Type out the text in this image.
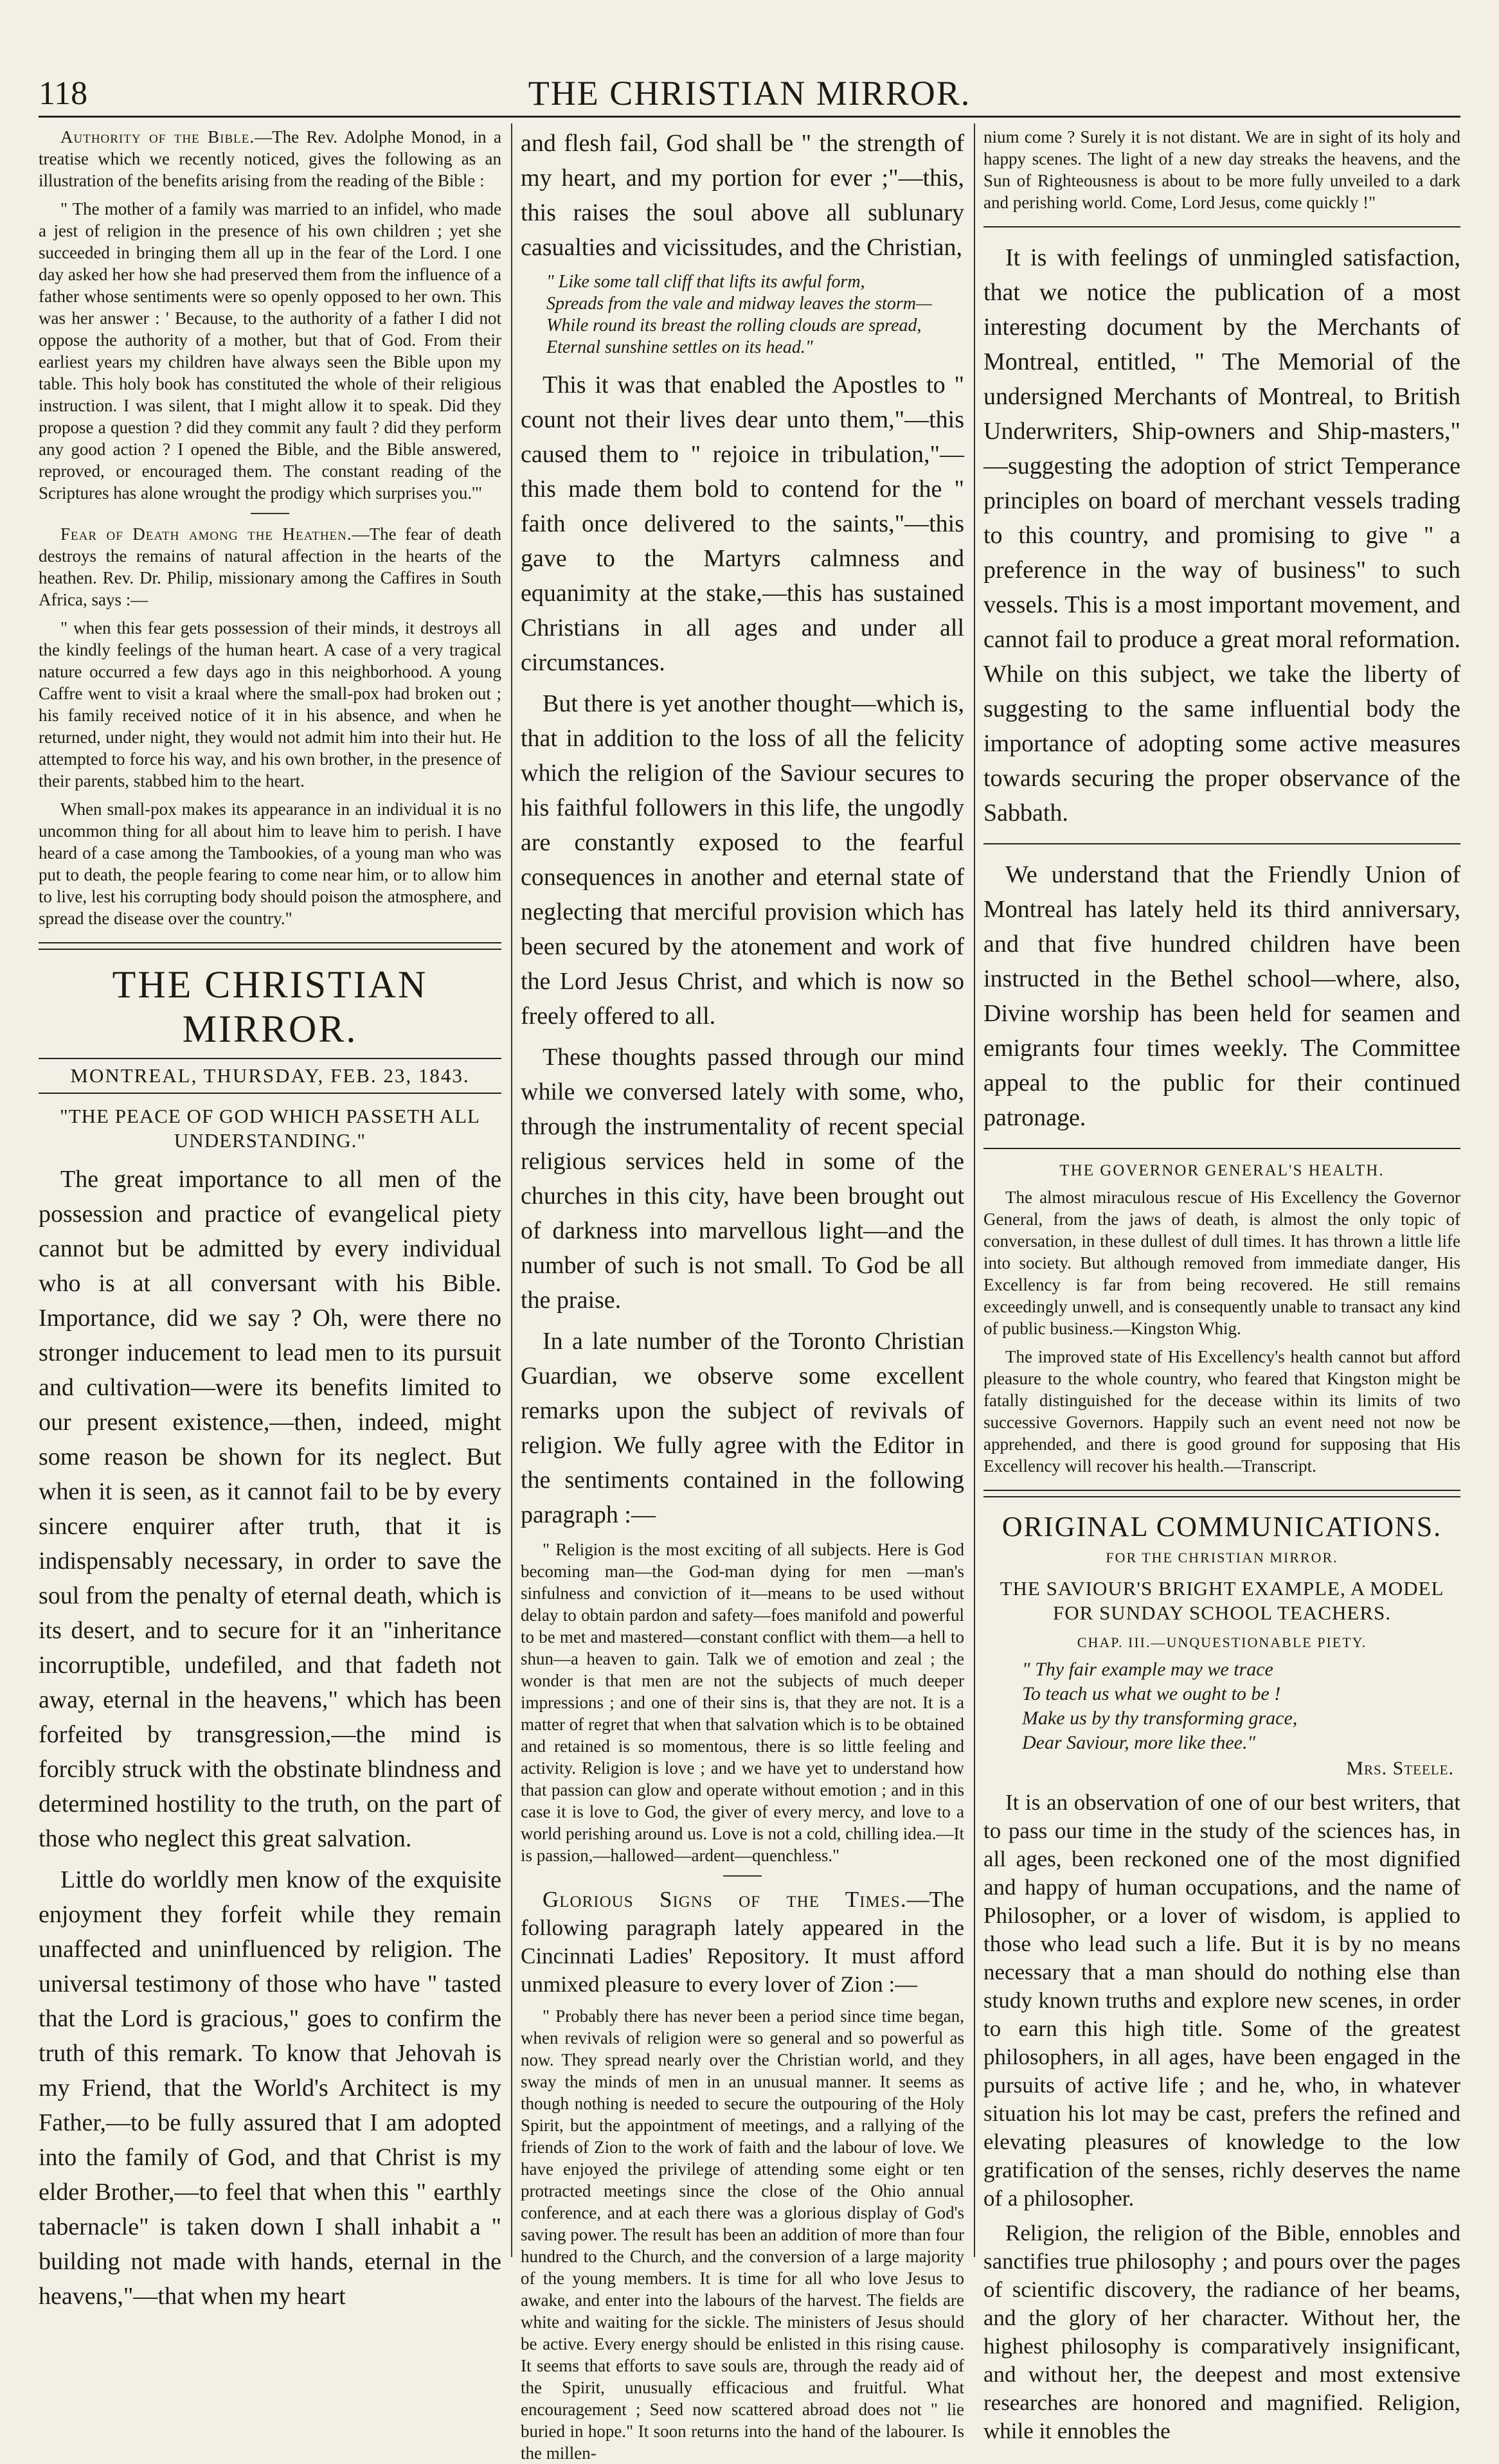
118	THE CHRISTIAN MIRROR.

Authority of the Bible.—The Rev. Adolphe Monod, in a treatise which we recently noticed, gives the following as an illustration of the benefits arising from the reading of the Bible :

" The mother of a family was married to an infidel, who made a jest of religion in the presence of his own children ; yet she succeeded in bringing them all up in the fear of the Lord. I one day asked her how she had preserved them from the influence of a father whose sentiments were so openly opposed to her own. This was her answer : ' Because, to the authority of a father I did not oppose the authority of a mother, but that of God. From their earliest years my children have always seen the Bible upon my table. This holy book has constituted the whole of their religious instruction. I was silent, that I might allow it to speak. Did they propose a question ? did they commit any fault ? did they perform any good action ? I opened the Bible, and the Bible answered, reproved, or encouraged them. The constant reading of the Scriptures has alone wrought the prodigy which surprises you.'"

Fear of Death among the Heathen.—The fear of death destroys the remains of natural affection in the hearts of the heathen. Rev. Dr. Philip, missionary among the Caffires in South Africa, says :—

" when this fear gets possession of their minds, it destroys all the kindly feelings of the human heart. A case of a very tragical nature occurred a few days ago in this neighborhood. A young Caffre went to visit a kraal where the small-pox had broken out ; his family received notice of it in his absence, and when he returned, under night, they would not admit him into their hut. He attempted to force his way, and his own brother, in the presence of their parents, stabbed him to the heart.

When small-pox makes its appearance in an individual it is no uncommon thing for all about him to leave him to perish. I have heard of a case among the Tambookies, of a young man who was put to death, the people fearing to come near him, or to allow him to live, lest his corrupting body should poison the atmosphere, and spread the disease over the country."

THE CHRISTIAN MIRROR.
MONTREAL, THURSDAY, FEB. 23, 1843.
"THE PEACE OF GOD WHICH PASSETH ALL UNDERSTANDING."

The great importance to all men of the possession and practice of evangelical piety cannot but be admitted by every individual who is at all conversant with his Bible. Importance, did we say ? Oh, were there no stronger inducement to lead men to its pursuit and cultivation—were its benefits limited to our present existence,—then, indeed, might some reason be shown for its neglect. But when it is seen, as it cannot fail to be by every sincere enquirer after truth, that it is indispensably necessary, in order to save the soul from the penalty of eternal death, which is its desert, and to secure for it an "inheritance incorruptible, undefiled, and that fadeth not away, eternal in the heavens," which has been forfeited by transgression,—the mind is forcibly struck with the obstinate blindness and determined hostility to the truth, on the part of those who neglect this great salvation.

Little do worldly men know of the exquisite enjoyment they forfeit while they remain unaffected and uninfluenced by religion. The universal testimony of those who have " tasted that the Lord is gracious," goes to confirm the truth of this remark. To know that Jehovah is my Friend, that the World's Architect is my Father,—to be fully assured that I am adopted into the family of God, and that Christ is my elder Brother,—to feel that when this " earthly tabernacle" is taken down I shall inhabit a " building not made with hands, eternal in the heavens,"—that when my heart

and flesh fail, God shall be " the strength of my heart, and my portion for ever ;"—this, this raises the soul above all sublunary casualties and vicissitudes, and the Christian,

" Like some tall cliff that lifts its awful form,
Spreads from the vale and midway leaves the storm—
While round its breast the rolling clouds are spread,
Eternal sunshine settles on its head."

This it was that enabled the Apostles to " count not their lives dear unto them,"—this caused them to " rejoice in tribulation,"—this made them bold to contend for the " faith once delivered to the saints,"—this gave to the Martyrs calmness and equanimity at the stake,—this has sustained Christians in all ages and under all circumstances.

But there is yet another thought—which is, that in addition to the loss of all the felicity which the religion of the Saviour secures to his faithful followers in this life, the ungodly are constantly exposed to the fearful consequences in another and eternal state of neglecting that merciful provision which has been secured by the atonement and work of the Lord Jesus Christ, and which is now so freely offered to all.

These thoughts passed through our mind while we conversed lately with some, who, through the instrumentality of recent special religious services held in some of the churches in this city, have been brought out of darkness into marvellous light—and the number of such is not small. To God be all the praise.

In a late number of the Toronto Christian Guardian, we observe some excellent remarks upon the subject of revivals of religion. We fully agree with the Editor in the sentiments contained in the following paragraph :—

" Religion is the most exciting of all subjects. Here is God becoming man—the God-man dying for men —man's sinfulness and conviction of it—means to be used without delay to obtain pardon and safety—foes manifold and powerful to be met and mastered—constant conflict with them—a hell to shun—a heaven to gain. Talk we of emotion and zeal ; the wonder is that men are not the subjects of much deeper impressions ; and one of their sins is, that they are not. It is a matter of regret that when that salvation which is to be obtained and retained is so momentous, there is so little feeling and activity. Religion is love ; and we have yet to understand how that passion can glow and operate without emotion ; and in this case it is love to God, the giver of every mercy, and love to a world perishing around us. Love is not a cold, chilling idea.—It is passion,—hallowed—ardent—quenchless."

Glorious Signs of the Times.—The following paragraph lately appeared in the Cincinnati Ladies' Repository. It must afford unmixed pleasure to every lover of Zion :—

" Probably there has never been a period since time began, when revivals of religion were so general and so powerful as now. They spread nearly over the Christian world, and they sway the minds of men in an unusual manner. It seems as though nothing is needed to secure the outpouring of the Holy Spirit, but the appointment of meetings, and a rallying of the friends of Zion to the work of faith and the labour of love. We have enjoyed the privilege of attending some eight or ten protracted meetings since the close of the Ohio annual conference, and at each there was a glorious display of God's saving power. The result has been an addition of more than four hundred to the Church, and the conversion of a large majority of the young members. It is time for all who love Jesus to awake, and enter into the labours of the harvest. The fields are white and waiting for the sickle. The ministers of Jesus should be active. Every energy should be enlisted in this rising cause. It seems that efforts to save souls are, through the ready aid of the Spirit, unusually efficacious and fruitful. What encouragement ; Seed now scattered abroad does not " lie buried in hope." It soon returns into the hand of the labourer. Is the millen-

nium come ? Surely it is not distant. We are in sight of its holy and happy scenes. The light of a new day streaks the heavens, and the Sun of Righteousness is about to be more fully unveiled to a dark and perishing world. Come, Lord Jesus, come quickly !"

It is with feelings of unmingled satisfaction, that we notice the publication of a most interesting document by the Merchants of Montreal, entitled, " The Memorial of the undersigned Merchants of Montreal, to British Underwriters, Ship-owners and Ship-masters," —suggesting the adoption of strict Temperance principles on board of merchant vessels trading to this country, and promising to give " a preference in the way of business" to such vessels. This is a most important movement, and cannot fail to produce a great moral reformation. While on this subject, we take the liberty of suggesting to the same influential body the importance of adopting some active measures towards securing the proper observance of the Sabbath.

We understand that the Friendly Union of Montreal has lately held its third anniversary, and that five hundred children have been instructed in the Bethel school—where, also, Divine worship has been held for seamen and emigrants four times weekly. The Committee appeal to the public for their continued patronage.

THE GOVERNOR GENERAL'S HEALTH.

The almost miraculous rescue of His Excellency the Governor General, from the jaws of death, is almost the only topic of conversation, in these dullest of dull times. It has thrown a little life into society. But although removed from immediate danger, His Excellency is far from being recovered. He still remains exceedingly unwell, and is consequently unable to transact any kind of public business.—Kingston Whig.

The improved state of His Excellency's health cannot but afford pleasure to the whole country, who feared that Kingston might be fatally distinguished for the decease within its limits of two successive Governors. Happily such an event need not now be apprehended, and there is good ground for supposing that His Excellency will recover his health.—Transcript.

ORIGINAL COMMUNICATIONS.
FOR THE CHRISTIAN MIRROR.
THE SAVIOUR'S BRIGHT EXAMPLE, A MODEL FOR SUNDAY SCHOOL TEACHERS.
CHAP. III.—UNQUESTIONABLE PIETY.
" Thy fair example may we trace
To teach us what we ought to be !
Make us by thy transforming grace,
Dear Saviour, more like thee."
Mrs. Steele.

It is an observation of one of our best writers, that to pass our time in the study of the sciences has, in all ages, been reckoned one of the most dignified and happy of human occupations, and the name of Philosopher, or a lover of wisdom, is applied to those who lead such a life. But it is by no means necessary that a man should do nothing else than study known truths and explore new scenes, in order to earn this high title. Some of the greatest philosophers, in all ages, have been engaged in the pursuits of active life ; and he, who, in whatever situation his lot may be cast, prefers the refined and elevating pleasures of knowledge to the low gratification of the senses, richly deserves the name of a philosopher.

Religion, the religion of the Bible, ennobles and sanctifies true philosophy ; and pours over the pages of scientific discovery, the radiance of her beams, and the glory of her character. Without her, the highest philosophy is comparatively insignificant, and without her, the deepest and most extensive researches are honored and magnified. Religion, while it ennobles the
